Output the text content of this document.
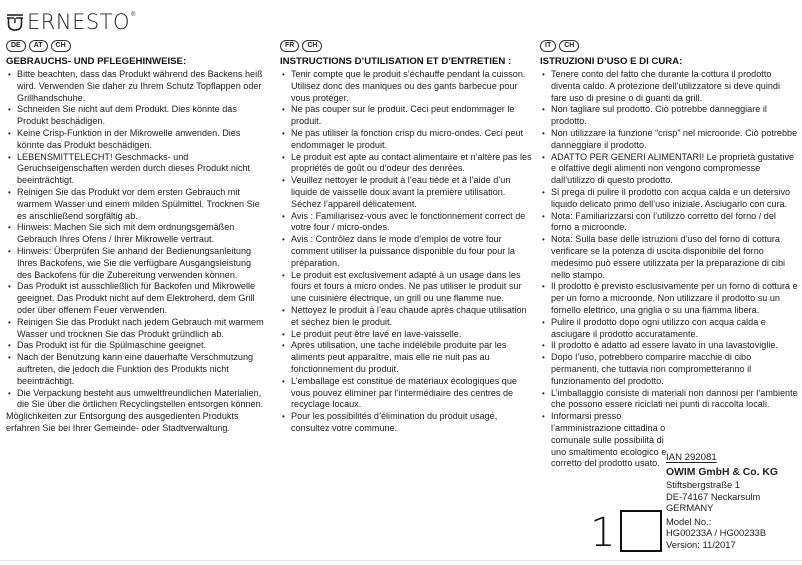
ERNESTO ®
DE	AT	CH
GEBRAUCHS- UND PFLEGEHINWEISE:
• Bitte beachten, dass das Produkt während des Backens heiß wird. Verwenden Sie daher zu Ihrem Schutz Topflappen oder Grillhandschuhe.
• Schneiden Sie nicht auf dem Produkt. Dies könnte das Produkt beschädigen.
• Keine Crisp-Funktion in der Mikrowelle anwenden. Dies könnte das Produkt beschädigen.
• LEBENSMITTELECHT! Geschmacks- und Geruchseigenschaften werden durch dieses Produkt nicht beeinträchtigt.
• Reinigen Sie das Produkt vor dem ersten Gebrauch mit warmem Wasser und einem milden Spülmittel. Trocknen Sie es anschließend sorgfältig ab.
• Hinweis: Machen Sie sich mit dem ordnungsgemäßen Gebrauch Ihres Ofens / Ihrer Mikrowelle vertraut.
• Hinweis: Überprüfen Sie anhand der Bedienungsanleitung Ihres Backofens, wie Sie die verfügbare Ausgangsleistung des Backofens für die Zubereitung verwenden können.
• Das Produkt ist ausschließlich für Backofen und Mikrowelle geeignet. Das Produkt nicht auf dem Elektroherd, dem Grill oder über offenem Feuer verwenden.
• Reinigen Sie das Produkt nach jedem Gebrauch mit warmem Wasser und trocknen Sie das Produkt gründlich ab.
• Das Produkt ist für die Spülmaschine geeignet.
• Nach der Benutzung kann eine dauerhafte Verschmutzung auftreten, die jedoch die Funktion des Produkts nicht beeinträchtigt.
• Die Verpackung besteht aus umweltfreundlichen Materialien, die Sie über die örtlichen Recyclingstellen entsorgen können.

Möglichkeiten zur Entsorgung des ausgedienten Produkts erfahren Sie bei Ihrer Gemeinde- oder Stadtverwaltung.

FR	CH
INSTRUCTIONS D’UTILISATION ET D’ENTRETIEN :
• Tenir compte que le produit s’échauffe pendant la cuisson. Utilisez donc des maniques ou des gants barbecue pour vous protéger.
• Ne pas couper sur le produit. Ceci peut endommager le produit.
• Ne pas utiliser la fonction crisp du micro-ondes. Ceci peut endommager le produit.
• Le produit est apte au contact alimentaire et n’altère pas les propriétés de goût ou d’odeur des denrées.
• Veuillez nettoyer le produit à l’eau tiède et à l’aide d’un liquide de vaisselle doux avant la première utilisation. Séchez l’appareil délicatement.
• Avis : Familiarisez-vous avec le fonctionnement correct de votre four / micro-ondes.
• Avis : Contrôlez dans le mode d’emploi de votre four comment utiliser la puissance disponible du four pour la préparation.
• Le produit est exclusivement adapté à un usage dans les fours et fours à micro ondes. Ne pas utiliser le produit sur une cuisinière électrique, un grill ou une flamme nue.
• Nettoyez le produit à l’eau chaude après chaque utilisation et séchez bien le produit.
• Le produit peut être lavé en lave-vaisselle.
• Après utilisation, une tache indélébile produite par les aliments peut apparaître, mais elle ne nuit pas au fonctionnement du produit.
• L’emballage est constitué de matériaux écologiques que vous pouvez éliminer par l'intermédiaire des centres de recyclage locaux.
• Pour les possibilités d’élimination du produit usagé, consultez votre commune.
IT	CH
ISTRUZIONI D’USO E DI CURA:
• Tenere conto del fatto che durante la cottura il prodotto diventa caldo. A protezione dell’utilizzatore si deve quindi fare uso di presine o di guanti da grill.
• Non tagliare sul prodotto. Ciò potrebbe danneggiare il prodotto.
• Non utilizzare la funzione “crisp” nel microonde. Ciò potrebbe danneggiare il prodotto.
• ADATTO PER GENERI ALIMENTARI! Le proprietà gustative e olfattive degli alimenti non vengono compromesse dall’utilizzo di questo prodotto.
• Si prega di pulire il prodotto con acqua calda e un detersivo liquido delicato primo dell’uso iniziale. Asciugarlo con cura.
• Nota: Familiarizzarsi con l’utilizzo corretto del forno / del forno a microonde.
• Nota: Sulla base delle istruzioni d’uso del forno di cottura verificare se la potenza di uscita disponibile del forno medesimo può essere utilizzata per la preparazione di cibi nello stampo.
• Il prodotto è previsto esclusivamente per un forno di cottura e per un forno a microonde. Non utilizzare il prodotto su un fornello elettrico, una griglia o su una fiamma libera.
• Pulire il prodotto dopo ogni utilizzo con acqua calda e asciugare il prodotto accuratamente.
• Il prodotto è adatto ad essere lavato in una lavastoviglie.
• Dopo l’uso, potrebbero comparire macchie di cibo permanenti, che tuttavia non comprometteranno il funzionamento del prodotto.
• L’imballaggio consiste di materiali non dannosi per l’ambiente che possono essere riciclati nei punti di raccolta locali.
• Informarsi presso l’amministrazione cittadina o comunale sulle possibilità di uno smaltimento ecologico e corretto del prodotto usato.
IAN 292081
OWIM GmbH & Co. KG
Stiftsbergstraße 1
DE-74167 Neckarsulm
GERMANY
Model No.:
HG00233A / HG00233B
Version: 11/2017
1
